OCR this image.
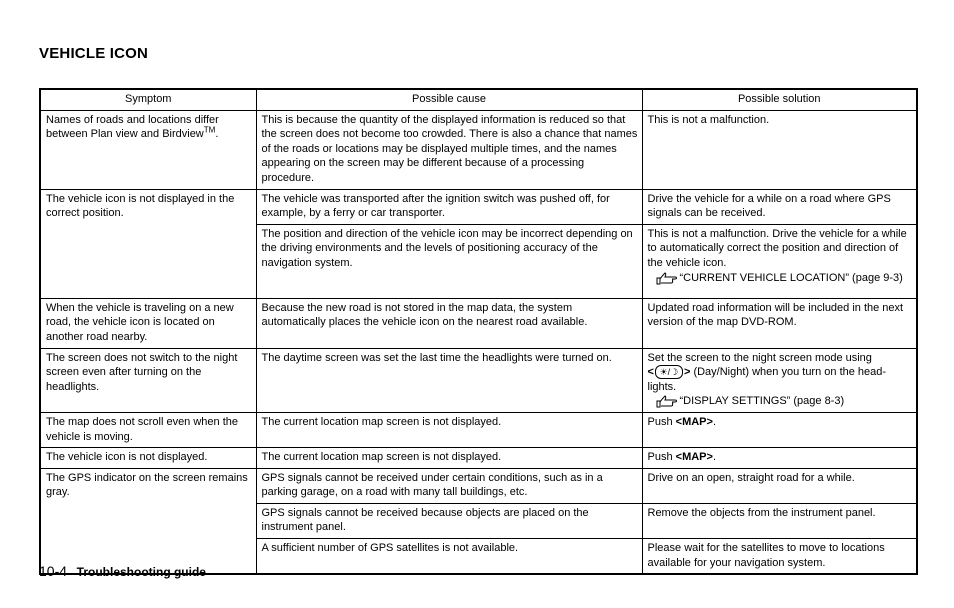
VEHICLE ICON
Symptom	Possible cause	Possible solution
Names of roads and locations differ between Plan view and Birdview™.	This is because the quantity of the displayed information is reduced so that the screen does not become too crowded. There is also a chance that names of the roads or locations may be displayed multiple times, and the names appearing on the screen may be different because of a processing procedure.	This is not a malfunction.
The vehicle icon is not displayed in the correct position.	The vehicle was transported after the ignition switch was pushed off, for example, by a ferry or car transporter.	Drive the vehicle for a while on a road where GPS signals can be received.
	The position and direction of the vehicle icon may be incorrect depending on the driving environments and the levels of positioning accuracy of the navigation system.	This is not a malfunction. Drive the vehicle for a while to automatically correct the position and direction of the vehicle icon.
“CURRENT VEHICLE LOCATION” (page 9-3)

When the vehicle is traveling on a new road, the vehicle icon is located on another road nearby.	Because the new road is not stored in the map data, the system automatically places the vehicle icon on the nearest road available.	Updated road information will be included in the next version of the map DVD-ROM.
The screen does not switch to the night screen even after turning on the headlights.	The daytime screen was set the last time the headlights were turned on.	Set the screen to the night screen mode using
< ☀/☽ > (Day/Night) when you turn on the head-lights.
“DISPLAY SETTINGS” (page 8-3)

The map does not scroll even when the vehicle is moving.	The current location map screen is not displayed.	Push <MAP>.
The vehicle icon is not displayed.	The current location map screen is not displayed.	Push <MAP>.
The GPS indicator on the screen remains gray.	GPS signals cannot be received under certain conditions, such as in a parking garage, on a road with many tall buildings, etc.	Drive on an open, straight road for a while.
	GPS signals cannot be received because objects are placed on the instrument panel.	Remove the objects from the instrument panel.
	A sufficient number of GPS satellites is not available.	Please wait for the satellites to move to locations available for your navigation system.
10-4 Troubleshooting guide
